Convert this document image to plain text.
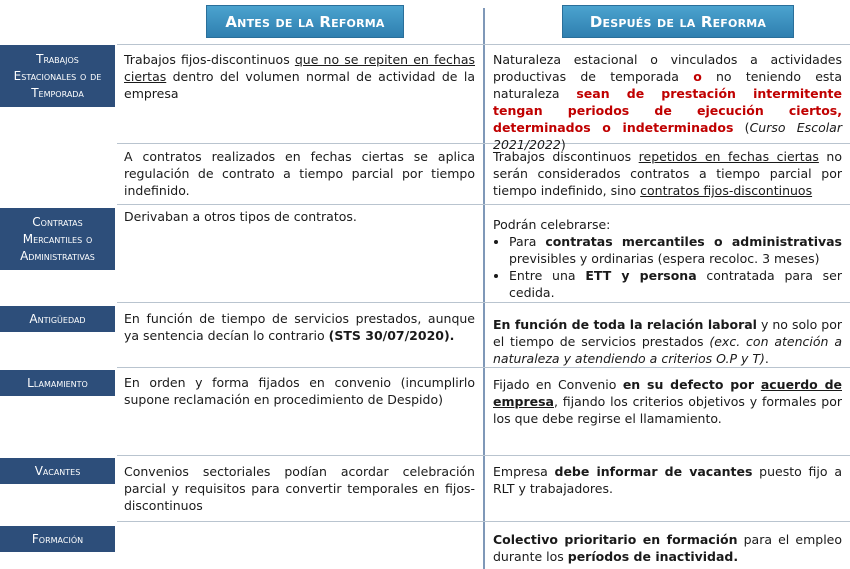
Antes de la Reforma	Después de la Reforma
Trabajos Estacionales o de Temporada
Contratas Mercantiles o Administrativas
Antigüedad
Llamamiento
Vacantes
Formación
Trabajos fijos-discontinuos que no se repiten en fechas ciertas dentro del volumen normal de actividad de la empresa
Naturaleza estacional o vinculados a actividades productivas de temporada o no teniendo esta naturaleza sean de prestación intermitente tengan periodos de ejecución ciertos, determinados o indeterminados (Curso Escolar 2021/2022)
A contratos realizados en fechas ciertas se aplica regulación de contrato a tiempo parcial por tiempo indefinido.
Trabajos discontinuos repetidos en fechas ciertas no serán considerados contratos a tiempo parcial por tiempo indefinido, sino contratos fijos-discontinuos
Derivaban a otros tipos de contratos.
Podrán celebrarse:
• Para contratas mercantiles o administrativas previsibles y ordinarias (espera recoloc. 3 meses)
• Entre una ETT y persona contratada para ser cedida.
En función de tiempo de servicios prestados, aunque ya sentencia decían lo contrario (STS 30/07/2020).
En función de toda la relación laboral y no solo por el tiempo de servicios prestados (exc. con atención a naturaleza y atendiendo a criterios O.P y T).
En orden y forma fijados en convenio (incumplirlo supone reclamación en procedimiento de Despido)
Fijado en Convenio en su defecto por acuerdo de empresa, fijando los criterios objetivos y formales por los que debe regirse el llamamiento.
Convenios sectoriales podían acordar celebración parcial y requisitos para convertir temporales en fijos-discontinuos
Empresa debe informar de vacantes puesto fijo a RLT y trabajadores.
Colectivo prioritario en formación para el empleo durante los períodos de inactividad.
